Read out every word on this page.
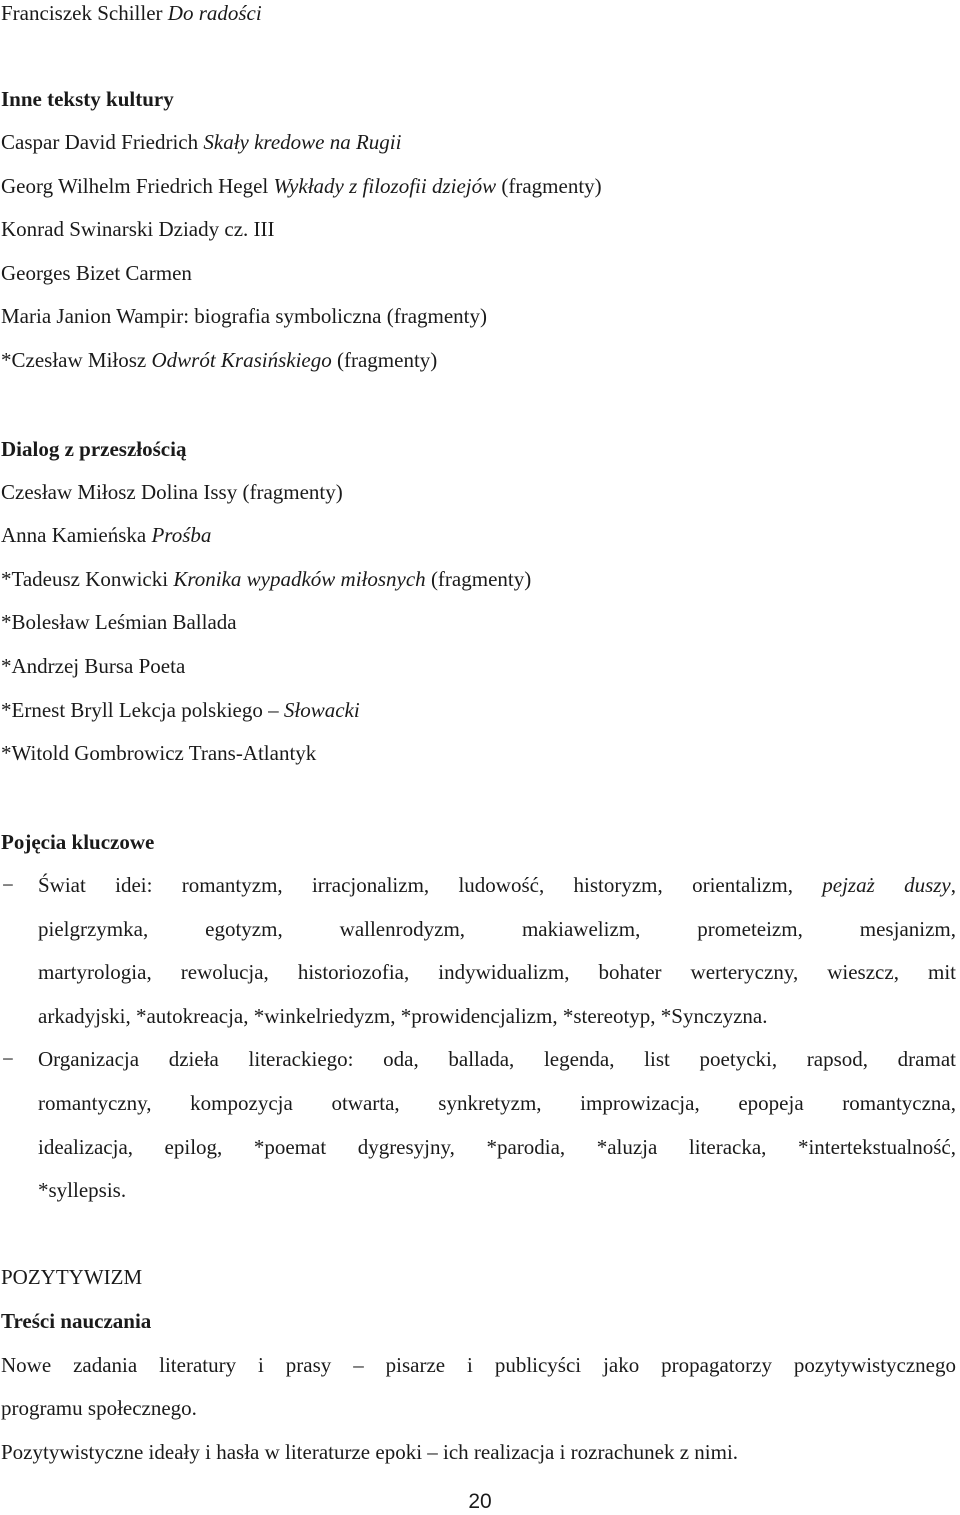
Franciszek Schiller Do radości
Inne teksty kultury
Caspar David Friedrich Skały kredowe na Rugii
Georg Wilhelm Friedrich Hegel Wykłady z filozofii dziejów (fragmenty)
Konrad Swinarski Dziady cz. III
Georges Bizet Carmen
Maria Janion Wampir: biografia symboliczna (fragmenty)
*Czesław Miłosz Odwrót Krasińskiego (fragmenty)
Dialog z przeszłością
Czesław Miłosz Dolina Issy (fragmenty)
Anna Kamieńska Prośba
*Tadeusz Konwicki Kronika wypadków miłosnych (fragmenty)
*Bolesław Leśmian Ballada
*Andrzej Bursa Poeta
*Ernest Bryll Lekcja polskiego – Słowacki
*Witold Gombrowicz Trans-Atlantyk
Pojęcia kluczowe
− Świat idei: romantyzm, irracjonalizm, ludowość, historyzm, orientalizm, pejzaż duszy,
pielgrzymka, egotyzm, wallenrodyzm, makiawelizm, prometeizm, mesjanizm,
martyrologia, rewolucja, historiozofia, indywidualizm, bohater werteryczny, wieszcz, mit
arkadyjski, *autokreacja, *winkelriedyzm, *prowidencjalizm, *stereotyp, *Synczyzna.
− Organizacja dzieła literackiego: oda, ballada, legenda, list poetycki, rapsod, dramat
romantyczny, kompozycja otwarta, synkretyzm, improwizacja, epopeja romantyczna,
idealizacja, epilog, *poemat dygresyjny, *parodia, *aluzja literacka, *intertekstualność,
*syllepsis.
POZYTYWIZM
Treści nauczania
Nowe zadania literatury i prasy – pisarze i publicyści jako propagatorzy pozytywistycznego
programu społecznego.
Pozytywistyczne ideały i hasła w literaturze epoki – ich realizacja i rozrachunek z nimi.
20
